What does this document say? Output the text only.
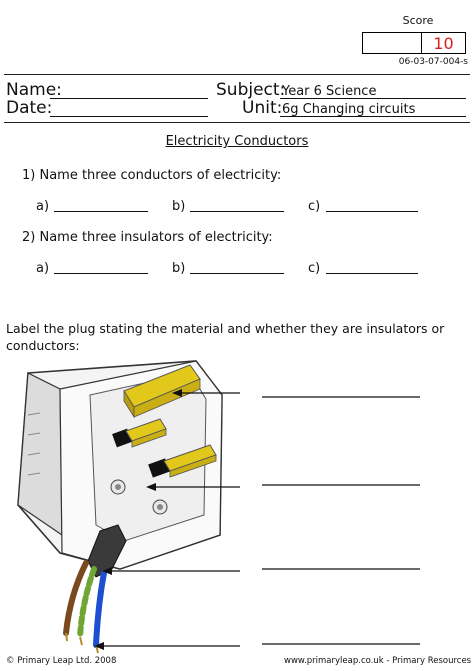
Score
10
06-03-07-004-s
Name:
Date:
Subject:
Year 6 Science
Unit: 6g Changing circuits
Electricity Conductors
1) Name three conductors of electricity:
a)	b)	c)
2) Name three insulators of electricity:
a)	b)	c)
Label the plug stating the material and whether they are insulators or conductors:
© Primary Leap Ltd. 2008	www.primaryleap.co.uk - Primary Resources
